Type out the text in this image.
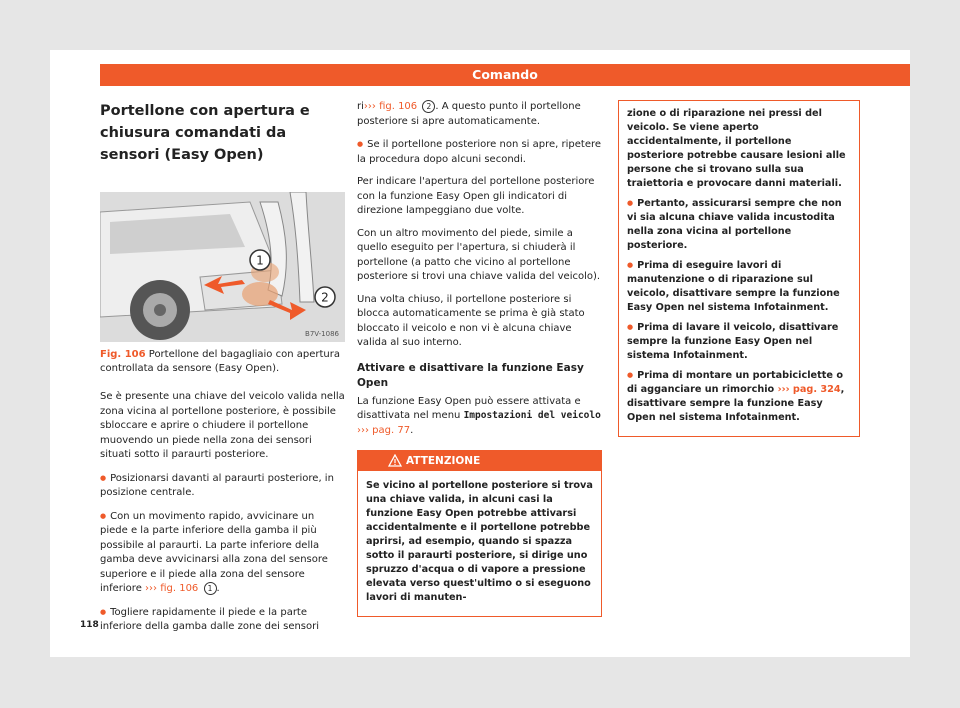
Comando
Portellone con apertura e chiusura comandati da sensori (Easy Open)
1
2
B7V-1086
Fig. 106 Portellone del bagagliaio con apertura controllata da sensore (Easy Open).

Se è presente una chiave del veicolo valida nella zona vicina al portellone posteriore, è possibile sbloccare e aprire o chiudere il portellone muovendo un piede nella zona dei sensori situati sotto il paraurti posteriore.

● Posizionarsi davanti al paraurti posteriore, in posizione centrale.

● Con un movimento rapido, avvicinare un piede e la parte inferiore della gamba il più possibile al paraurti. La parte inferiore della gamba deve avvicinarsi alla zona del sensore superiore e il piede alla zona del sensore inferiore ››› fig. 106 1 .

● Togliere rapidamente il piede e la parte inferiore della gamba dalle zone dei sensori

ri››› fig. 106 2 . A questo punto il portellone posteriore si apre automaticamente.

● Se il portellone posteriore non si apre, ripetere la procedura dopo alcuni secondi.

Per indicare l'apertura del portellone posteriore con la funzione Easy Open gli indicatori di direzione lampeggiano due volte.

Con un altro movimento del piede, simile a quello eseguito per l'apertura, si chiuderà il portellone (a patto che vicino al portellone posteriore si trovi una chiave valida del veicolo).

Una volta chiuso, il portellone posteriore si blocca automaticamente se prima è già stato bloccato il veicolo e non vi è alcuna chiave valida al suo interno.

Attivare e disattivare la funzione Easy Open

La funzione Easy Open può essere attivata e disattivata nel menu Impostazioni del veicolo ››› pag. 77.

ATTENZIONE

Se vicino al portellone posteriore si trova una chiave valida, in alcuni casi la funzione Easy Open potrebbe attivarsi accidentalmente e il portellone potrebbe aprirsi, ad esempio, quando si spazza sotto il paraurti posteriore, si dirige uno spruzzo d'acqua o di vapore a pressione elevata verso quest'ultimo o si eseguono lavori di manuten-

zione o di riparazione nei pressi del veicolo. Se viene aperto accidentalmente, il portellone posteriore potrebbe causare lesioni alle persone che si trovano sulla sua traiettoria e provocare danni materiali.

● Pertanto, assicurarsi sempre che non vi sia alcuna chiave valida incustodita nella zona vicina al portellone posteriore.

● Prima di eseguire lavori di manutenzione o di riparazione sul veicolo, disattivare sempre la funzione Easy Open nel sistema Infotainment.

● Prima di lavare il veicolo, disattivare sempre la funzione Easy Open nel sistema Infotainment.

● Prima di montare un portabiciclette o di agganciare un rimorchio ››› pag. 324, disattivare sempre la funzione Easy Open nel sistema Infotainment.

118
